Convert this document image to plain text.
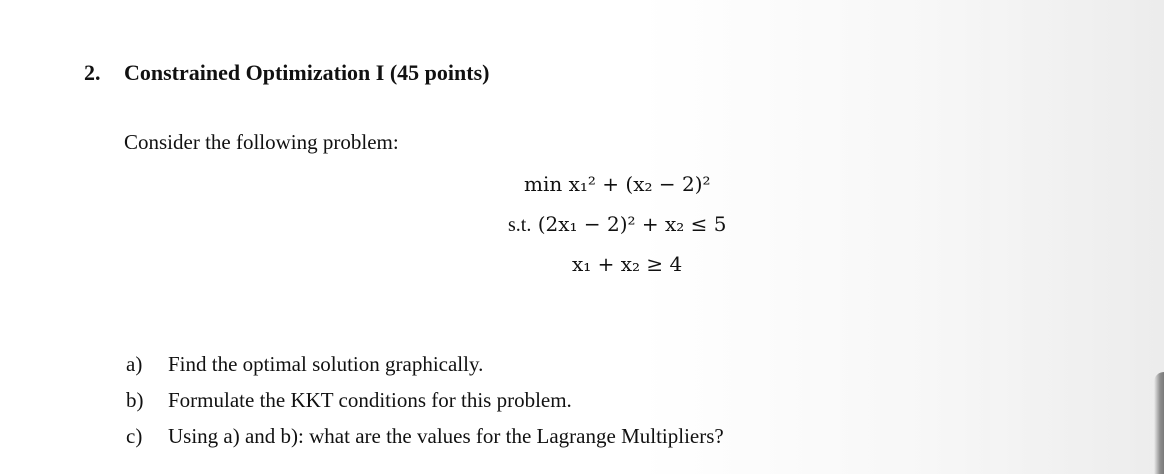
2. Constrained Optimization I (45 points)
Consider the following problem:
min x₁² + (x₂ − 2)²
s.t. (2x₁ − 2)² + x₂ ≤ 5
x₁ + x₂ ≥ 4
a)	Find the optimal solution graphically.
b)	Formulate the KKT conditions for this problem.
c)	Using a) and b): what are the values for the Lagrange Multipliers?
